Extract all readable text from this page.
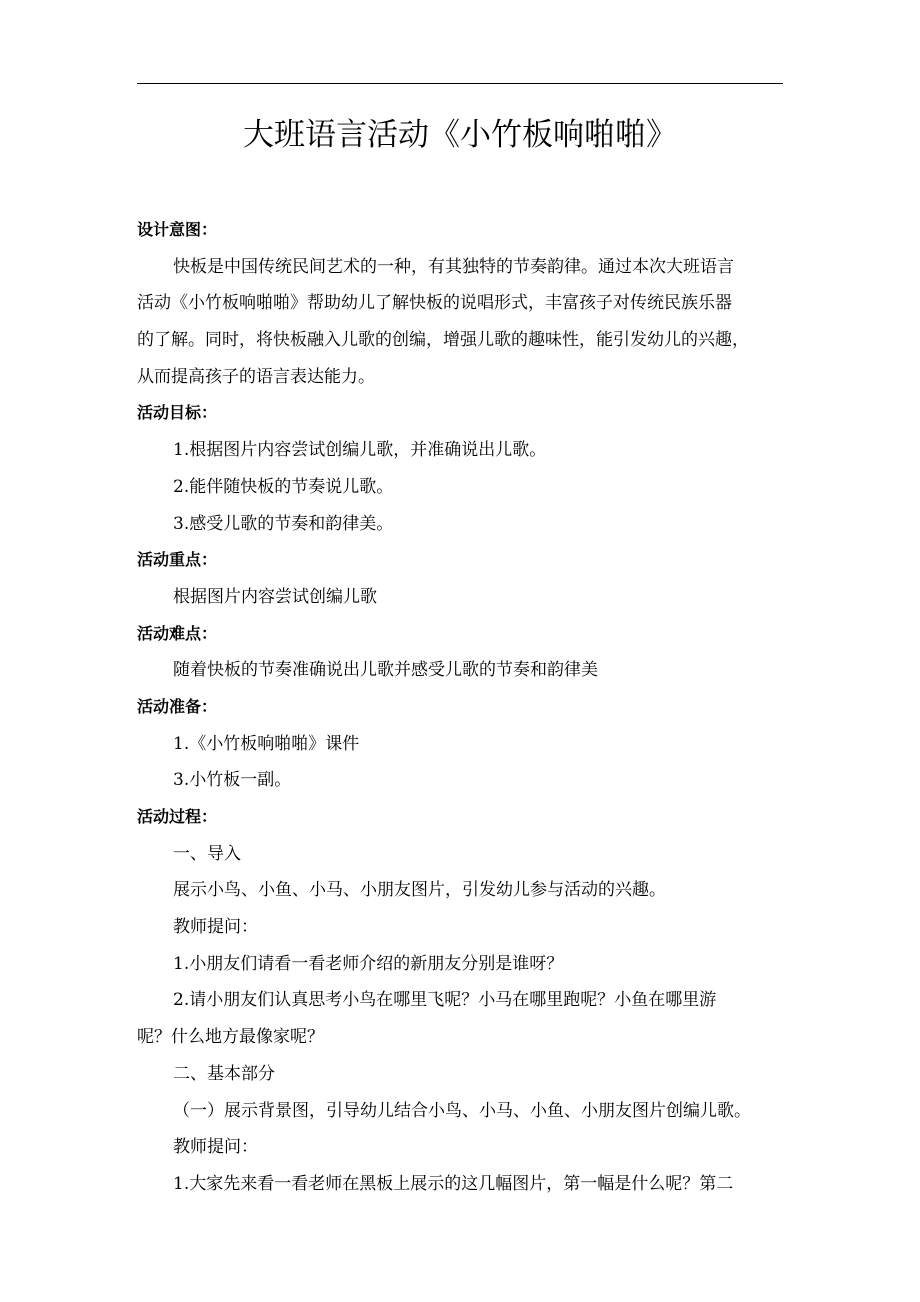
大班语言活动《小竹板响啪啪》
设计意图：
快板是中国传统民间艺术的一种，有其独特的节奏韵律。通过本次大班语言
活动《小竹板响啪啪》帮助幼儿了解快板的说唱形式，丰富孩子对传统民族乐器
的了解。同时，将快板融入儿歌的创编，增强儿歌的趣味性，能引发幼儿的兴趣，
从而提高孩子的语言表达能力。
活动目标：
1.根据图片内容尝试创编儿歌，并准确说出儿歌。
2.能伴随快板的节奏说儿歌。
3.感受儿歌的节奏和韵律美。
活动重点：
根据图片内容尝试创编儿歌
活动难点：
随着快板的节奏准确说出儿歌并感受儿歌的节奏和韵律美
活动准备：
1.《小竹板响啪啪》课件
3.小竹板一副。
活动过程：
一、导入
展示小鸟、小鱼、小马、小朋友图片，引发幼儿参与活动的兴趣。
教师提问：
1.小朋友们请看一看老师介绍的新朋友分别是谁呀？
2.请小朋友们认真思考小鸟在哪里飞呢？小马在哪里跑呢？小鱼在哪里游
呢？什么地方最像家呢？
二、基本部分
（一）展示背景图，引导幼儿结合小鸟、小马、小鱼、小朋友图片创编儿歌。
教师提问：
1.大家先来看一看老师在黑板上展示的这几幅图片，第一幅是什么呢？第二
